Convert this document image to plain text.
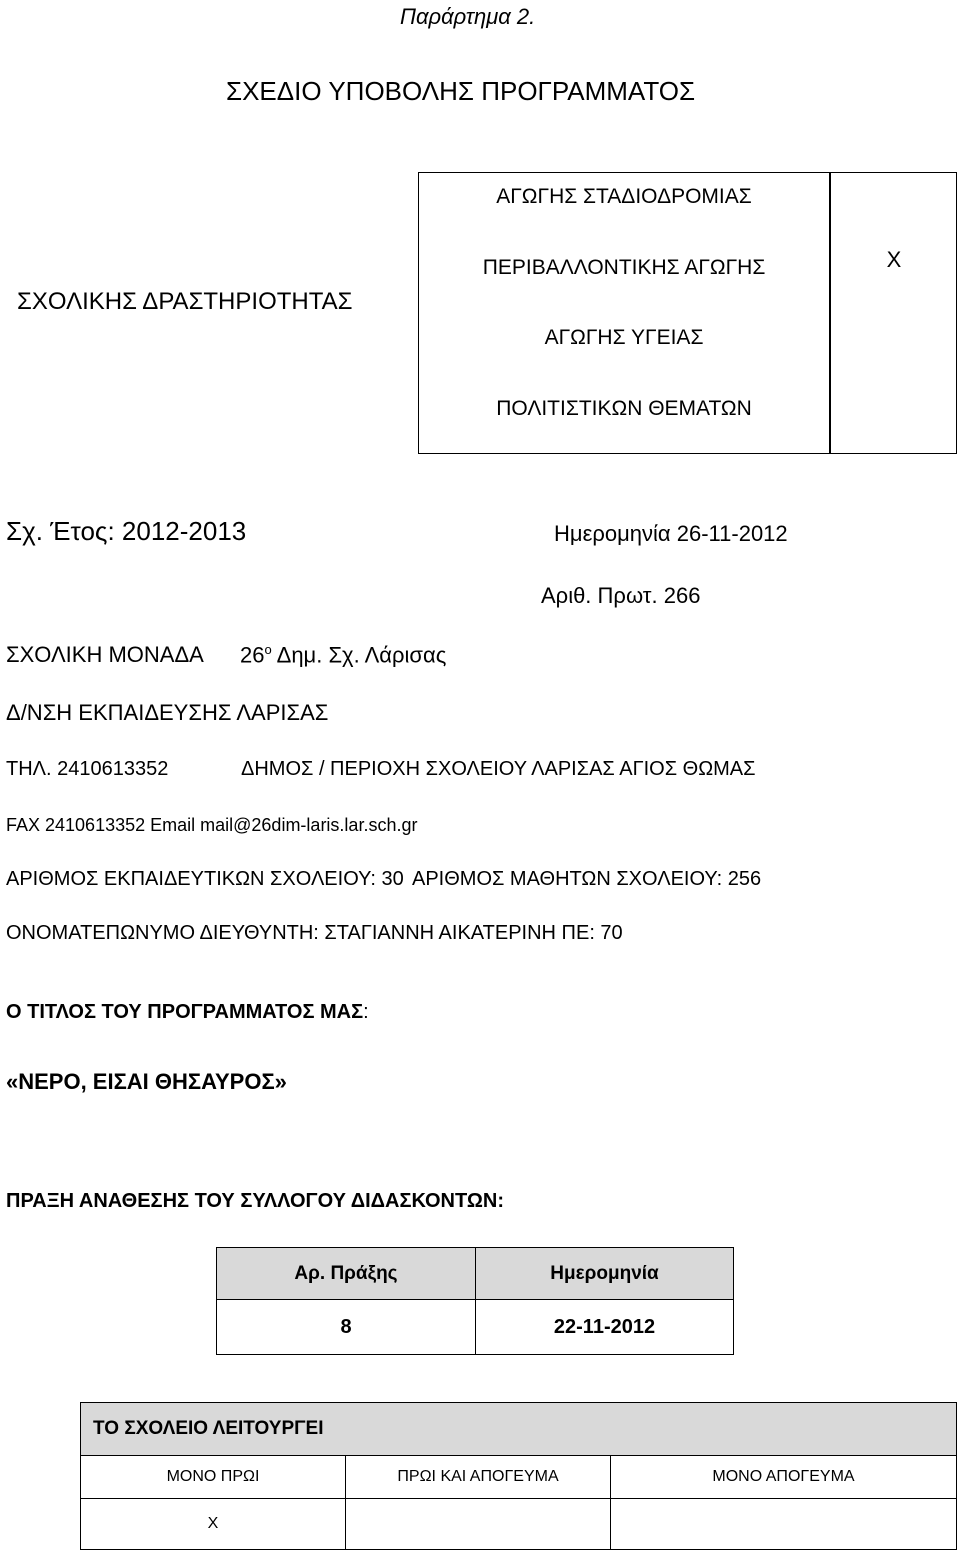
Παράρτημα 2.
ΣΧΕΔΙΟ ΥΠΟΒΟΛΗΣ ΠΡΟΓΡΑΜΜΑΤΟΣ
ΣΧΟΛΙΚΗΣ ΔΡΑΣΤΗΡΙΟΤΗΤΑΣ
ΑΓΩΓΗΣ ΣΤΑΔΙΟΔΡΟΜΙΑΣ
ΠΕΡΙΒΑΛΛΟΝΤΙΚΗΣ ΑΓΩΓΗΣ
ΑΓΩΓΗΣ ΥΓΕΙΑΣ
ΠΟΛΙΤΙΣΤΙΚΩΝ ΘΕΜΑΤΩΝ
Χ
Σχ. Έτος: 2012-2013	Ημερομηνία 26-11-2012
Αριθ. Πρωτ. 266
ΣΧΟΛΙΚΗ ΜΟΝΑΔΑ $26^o$ Δημ. Σχ. Λάρισας
Δ/ΝΣΗ ΕΚΠΑΙΔΕΥΣΗΣ ΛΑΡΙΣΑΣ
ΤΗΛ. 2410613352	ΔΗΜΟΣ / ΠΕΡΙΟΧΗ ΣΧΟΛΕΙΟΥ ΛΑΡΙΣΑΣ ΑΓΙΟΣ ΘΩΜΑΣ
FAX 2410613352 Email mail@26dim-laris.lar.sch.gr
ΑΡΙΘΜΟΣ ΕΚΠΑΙΔΕΥΤΙΚΩΝ ΣΧΟΛΕΙΟΥ: 30 ΑΡΙΘΜΟΣ ΜΑΘΗΤΩΝ ΣΧΟΛΕΙΟΥ: 256
ΟΝΟΜΑΤΕΠΩΝΥΜΟ ΔΙΕΥΘΥΝΤΗ: ΣΤΑΓΙΑΝΝΗ ΑΙΚΑΤΕΡΙΝΗ ΠΕ: 70
Ο ΤΙΤΛΟΣ ΤΟΥ ΠΡΟΓΡΑΜΜΑΤΟΣ ΜΑΣ:
«ΝΕΡΟ, ΕΙΣΑΙ ΘΗΣΑΥΡΟΣ»
ΠΡΑΞΗ ΑΝΑΘΕΣΗΣ ΤΟΥ ΣΥΛΛΟΓΟΥ ΔΙΔΑΣΚΟΝΤΩΝ:
Αρ. Πράξης	Ημερομηνία
8	22-11-2012
ΤΟ ΣΧΟΛΕΙΟ ΛΕΙΤΟΥΡΓΕΙ		
ΜΟΝΟ ΠΡΩΙ	ΠΡΩΙ ΚΑΙ ΑΠΟΓΕΥΜΑ	ΜΟΝΟ ΑΠΟΓΕΥΜΑ
Χ		
